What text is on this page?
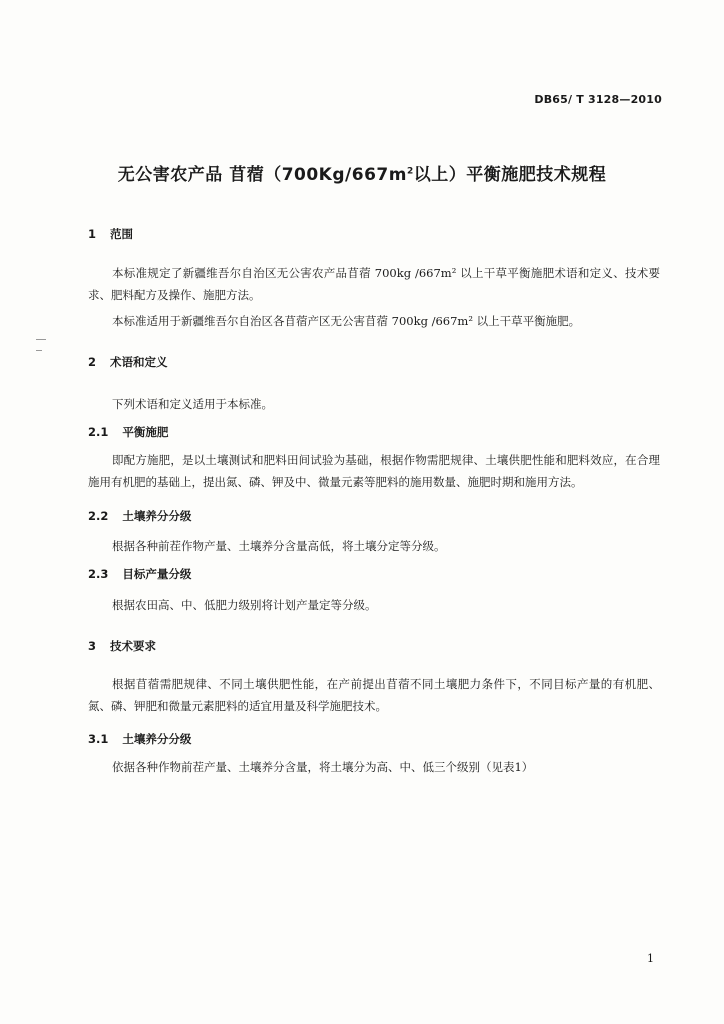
DB65/ T 3128—2010
无公害农产品 苜蓿（$700Kg/667m^2$以上）平衡施肥技术规程
1 范围
本标准规定了新疆维吾尔自治区无公害农产品苜蓿 700kg /667m² 以上干草平衡施肥术语和定义、技术要求、肥料配方及操作、施肥方法。
本标准适用于新疆维吾尔自治区各苜蓿产区无公害苜蓿 700kg /667m² 以上干草平衡施肥。
2 术语和定义
下列术语和定义适用于本标准。
2.1 平衡施肥
即配方施肥，是以土壤测试和肥料田间试验为基础，根据作物需肥规律、土壤供肥性能和肥料效应，在合理施用有机肥的基础上，提出氮、磷、钾及中、微量元素等肥料的施用数量、施肥时期和施用方法。
2.2 土壤养分分级
根据各种前茬作物产量、土壤养分含量高低，将土壤分定等分级。
2.3 目标产量分级
根据农田高、中、低肥力级别将计划产量定等分级。
3 技术要求
根据苜蓿需肥规律、不同土壤供肥性能，在产前提出苜蓿不同土壤肥力条件下，不同目标产量的有机肥、氮、磷、钾肥和微量元素肥料的适宜用量及科学施肥技术。
3.1 土壤养分分级
依据各种作物前茬产量、土壤养分含量，将土壤分为高、中、低三个级别（见表1）
1
